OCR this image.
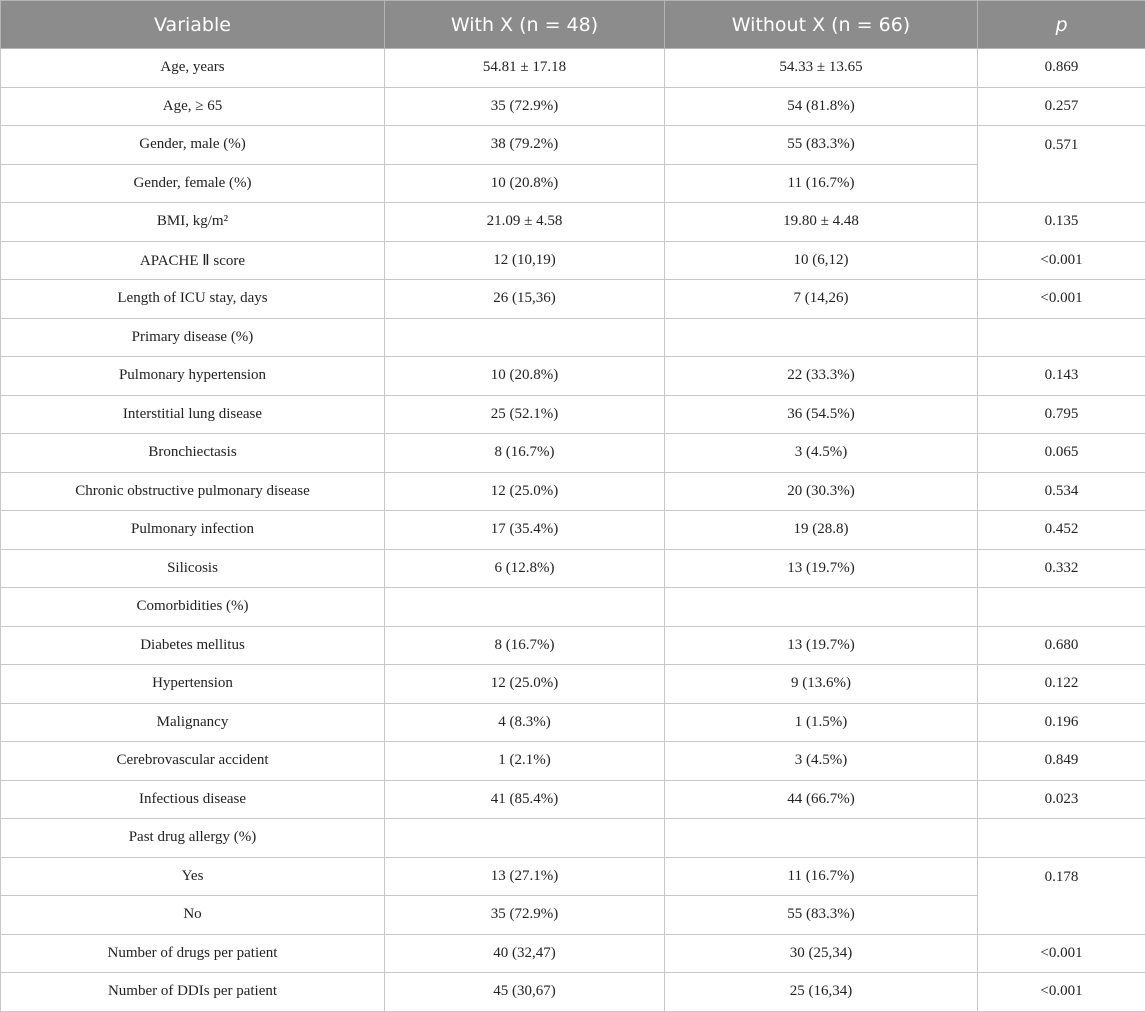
Variable	With X (n = 48)	Without X (n = 66)	p
Age, years	54.81 ± 17.18	54.33 ± 13.65	0.869
Age, ≥ 65	35 (72.9%)	54 (81.8%)	0.257
Gender, male (%)	38 (79.2%)	55 (83.3%)	0.571
Gender, female (%)	10 (20.8%)	11 (16.7%)	
BMI, kg/m²	21.09 ± 4.58	19.80 ± 4.48	0.135
APACHE Ⅱ score	12 (10,19)	10 (6,12)	<0.001
Length of ICU stay, days	26 (15,36)	7 (14,26)	<0.001
Primary disease (%)			
Pulmonary hypertension	10 (20.8%)	22 (33.3%)	0.143
Interstitial lung disease	25 (52.1%)	36 (54.5%)	0.795
Bronchiectasis	8 (16.7%)	3 (4.5%)	0.065
Chronic obstructive pulmonary disease	12 (25.0%)	20 (30.3%)	0.534
Pulmonary infection	17 (35.4%)	19 (28.8)	0.452
Silicosis	6 (12.8%)	13 (19.7%)	0.332
Comorbidities (%)			
Diabetes mellitus	8 (16.7%)	13 (19.7%)	0.680
Hypertension	12 (25.0%)	9 (13.6%)	0.122
Malignancy	4 (8.3%)	1 (1.5%)	0.196
Cerebrovascular accident	1 (2.1%)	3 (4.5%)	0.849
Infectious disease	41 (85.4%)	44 (66.7%)	0.023
Past drug allergy (%)			
Yes	13 (27.1%)	11 (16.7%)	0.178
No	35 (72.9%)	55 (83.3%)	
Number of drugs per patient	40 (32,47)	30 (25,34)	<0.001
Number of DDIs per patient	45 (30,67)	25 (16,34)	<0.001
